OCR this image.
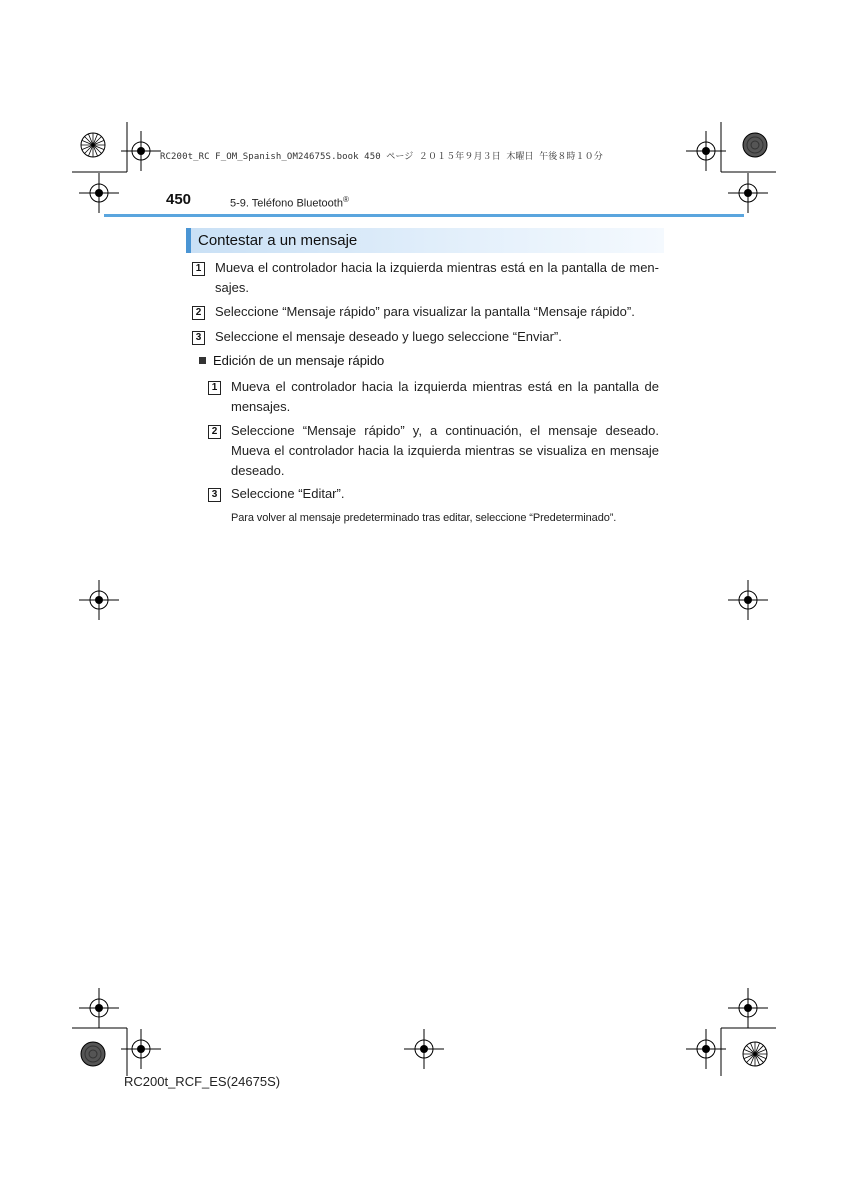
RC200t_RC F_OM_Spanish_OM24675S.book 450 ページ ２０１５年９月３日 木曜日 午後８時１０分
450	5-9. Teléfono Bluetooth®
Contestar a un mensaje
1 Mueva el controlador hacia la izquierda mientras está en la pantalla de men-sajes.
2 Seleccione “Mensaje rápido” para visualizar la pantalla “Mensaje rápido”.
3 Seleccione el mensaje deseado y luego seleccione “Enviar”.
Edición de un mensaje rápido
1 Mueva el controlador hacia la izquierda mientras está en la pantalla de mensajes.
2 Seleccione “Mensaje rápido” y, a continuación, el mensaje deseado. Mueva el controlador hacia la izquierda mientras se visualiza en mensaje deseado.
3 Seleccione “Editar”.
Para volver al mensaje predeterminado tras editar, seleccione “Predeterminado”.
RC200t_RCF_ES(24675S)
